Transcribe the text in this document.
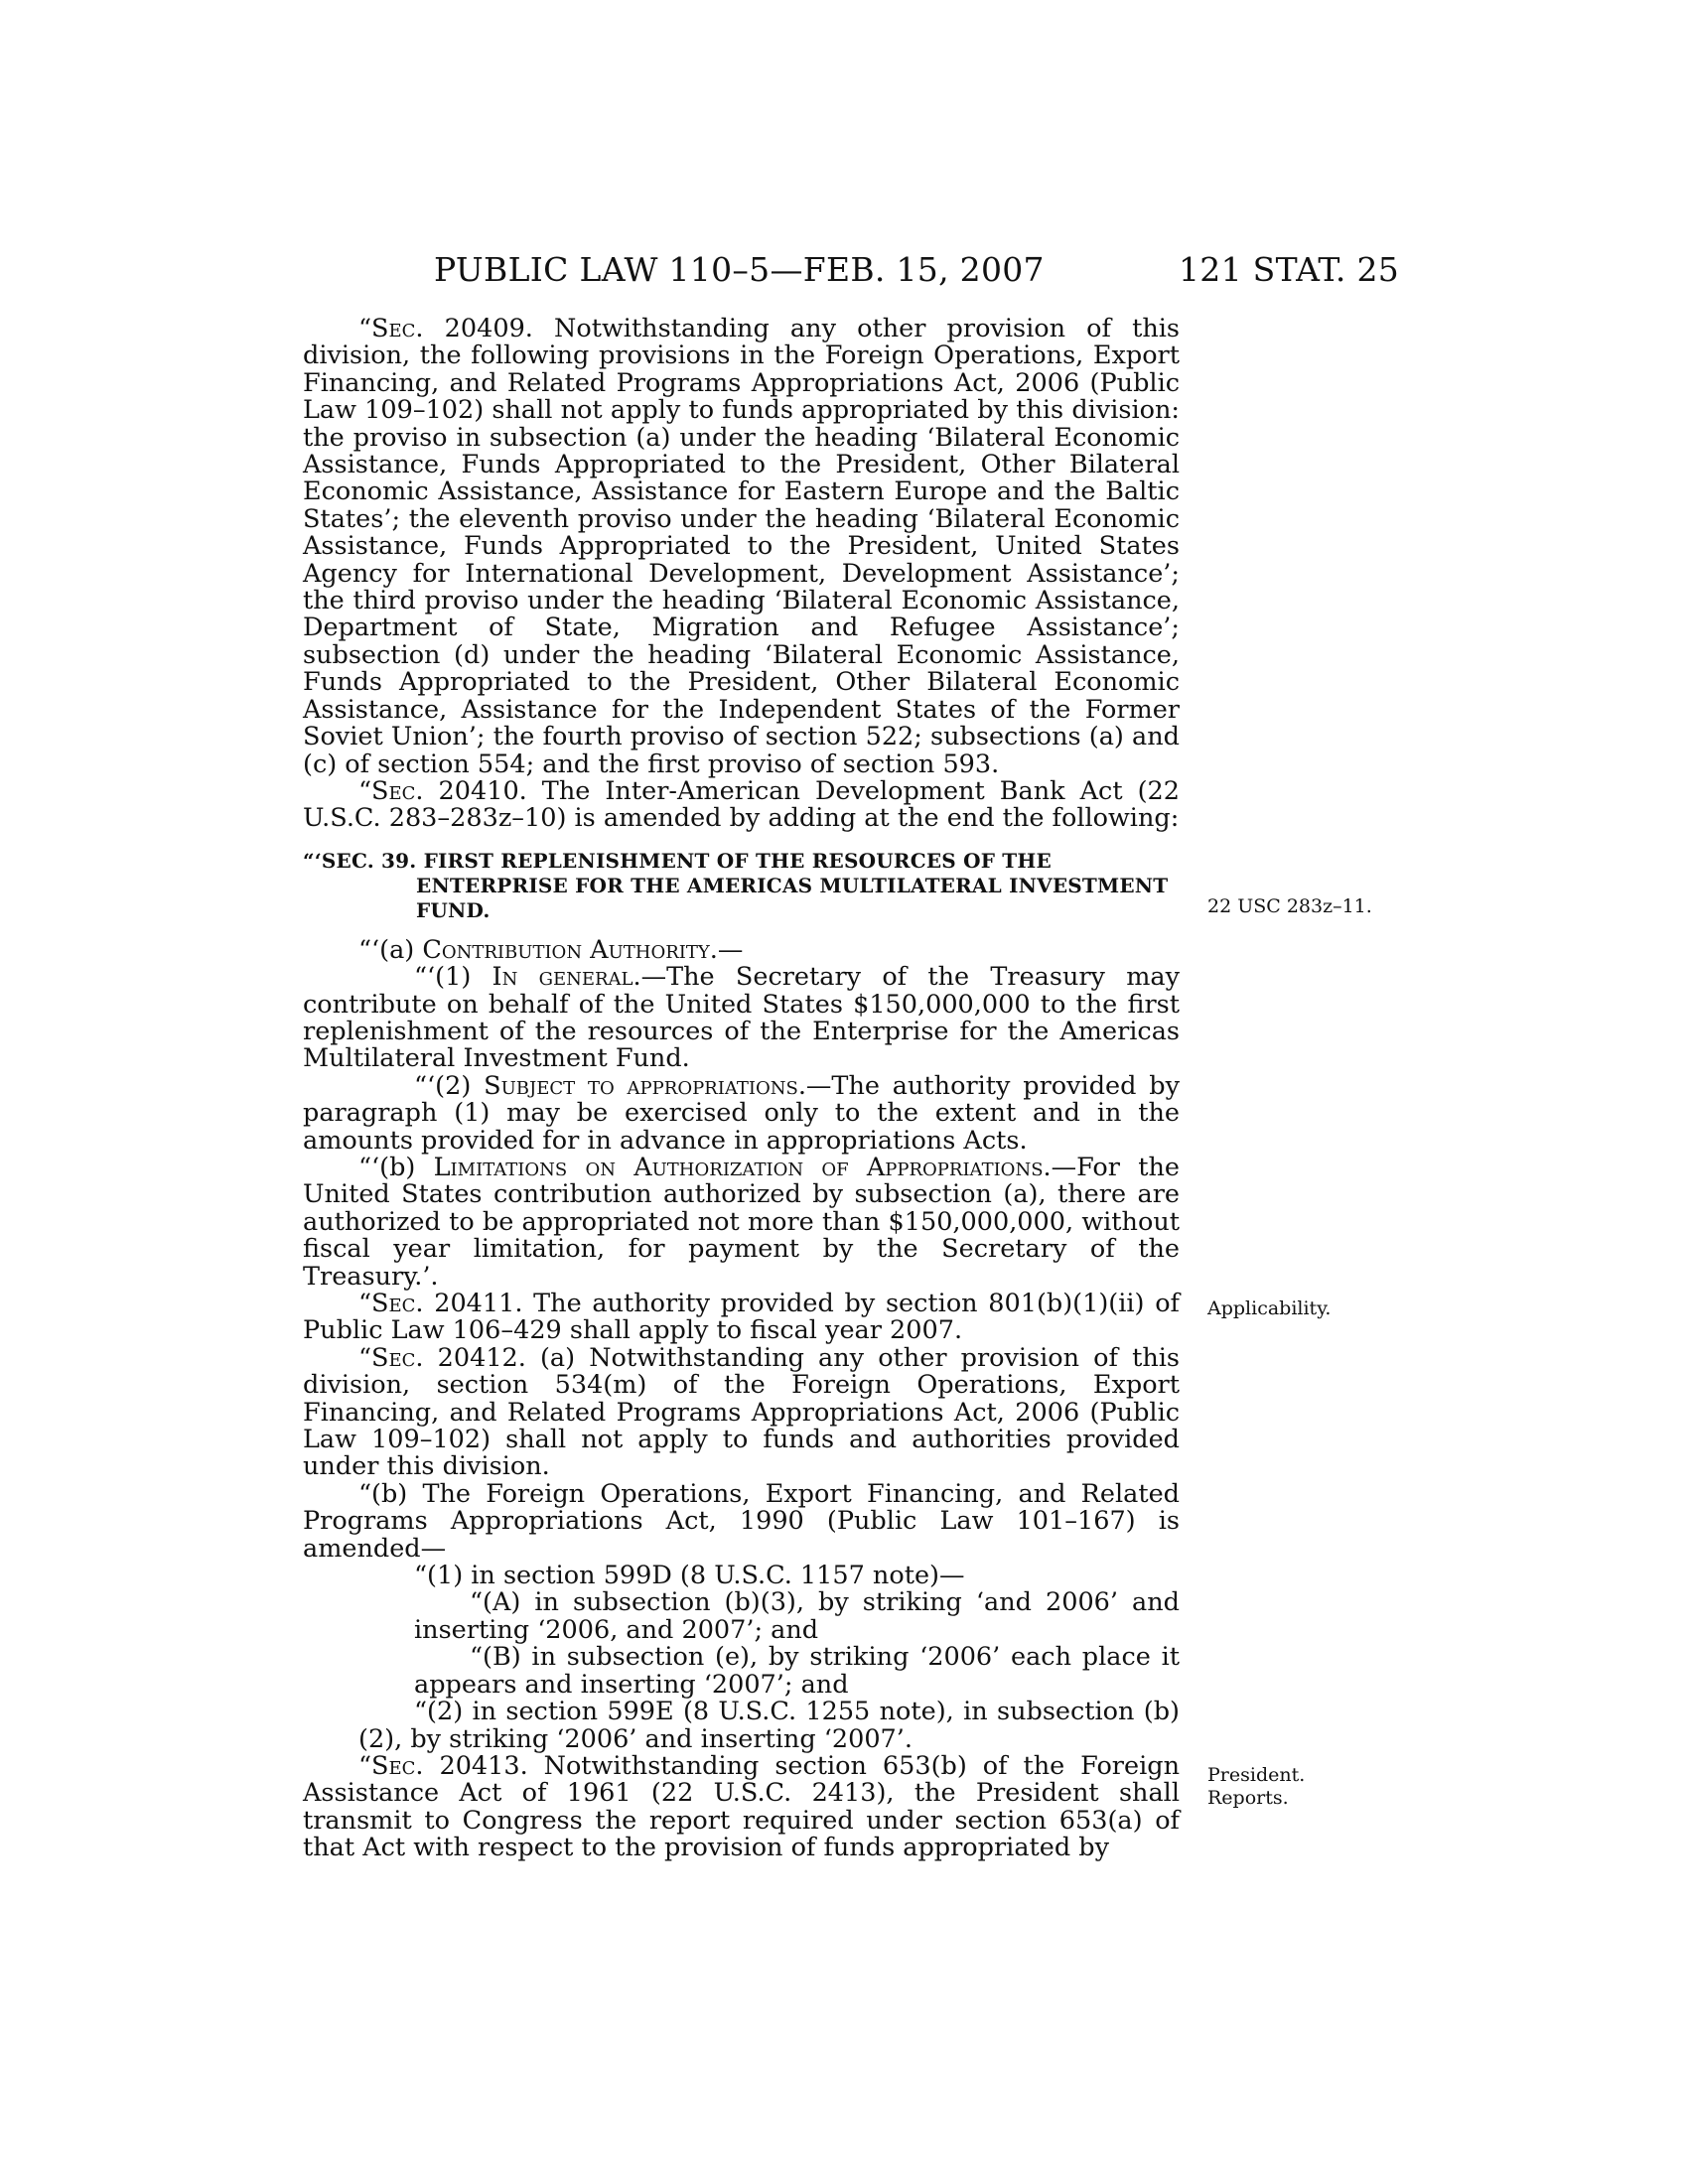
PUBLIC LAW 110–5—FEB. 15, 2007	121 STAT. 25
22 USC 283z–11.
Applicability.
President.
Reports.

“Sec. 20409. Notwithstanding any other provision of this division, the following provisions in the Foreign Operations, Export Financing, and Related Programs Appropriations Act, 2006 (Public Law 109–102) shall not apply to funds appropriated by this division: the proviso in subsection (a) under the heading ‘Bilateral Economic Assistance, Funds Appropriated to the President, Other Bilateral Economic Assistance, Assistance for Eastern Europe and the Baltic States’; the eleventh proviso under the heading ‘Bilateral Economic Assistance, Funds Appropriated to the President, United States Agency for International Development, Development Assistance’; the third proviso under the heading ‘Bilateral Economic Assistance, Department of State, Migration and Refugee Assistance’; subsection (d) under the heading ‘Bilateral Economic Assistance, Funds Appropriated to the President, Other Bilateral Economic Assistance, Assistance for the Independent States of the Former Soviet Union’; the fourth proviso of section 522; subsections (a) and (c) of section 554; and the first proviso of section 593.

“Sec. 20410. The Inter-American Development Bank Act (22 U.S.C. 283–283z–10) is amended by adding at the end the following:

“‘SEC. 39. FIRST REPLENISHMENT OF THE RESOURCES OF THE ENTERPRISE FOR THE AMERICAS MULTILATERAL INVESTMENT FUND.

“‘(a) Contribution Authority.—

“‘(1) In general.—The Secretary of the Treasury may contribute on behalf of the United States $150,000,000 to the first replenishment of the resources of the Enterprise for the Americas Multilateral Investment Fund.

“‘(2) Subject to appropriations.—The authority provided by paragraph (1) may be exercised only to the extent and in the amounts provided for in advance in appropriations Acts.

“‘(b) Limitations on Authorization of Appropriations.—For the United States contribution authorized by subsection (a), there are authorized to be appropriated not more than $150,000,000, without fiscal year limitation, for payment by the Secretary of the Treasury.’.

“Sec. 20411. The authority provided by section 801(b)(1)(ii) of Public Law 106–429 shall apply to fiscal year 2007.

“Sec. 20412. (a) Notwithstanding any other provision of this division, section 534(m) of the Foreign Operations, Export Financing, and Related Programs Appropriations Act, 2006 (Public Law 109–102) shall not apply to funds and authorities provided under this division.

“(b) The Foreign Operations, Export Financing, and Related Programs Appropriations Act, 1990 (Public Law 101–167) is amended—

“(1) in section 599D (8 U.S.C. 1157 note)—

“(A) in subsection (b)(3), by striking ‘and 2006’ and inserting ‘2006, and 2007’; and

“(B) in subsection (e), by striking ‘2006’ each place it appears and inserting ‘2007’; and

“(2) in section 599E (8 U.S.C. 1255 note), in subsection (b)(2), by striking ‘2006’ and inserting ‘2007’.

“Sec. 20413. Notwithstanding section 653(b) of the Foreign Assistance Act of 1961 (22 U.S.C. 2413), the President shall transmit to Congress the report required under section 653(a) of that Act with respect to the provision of funds appropriated by
